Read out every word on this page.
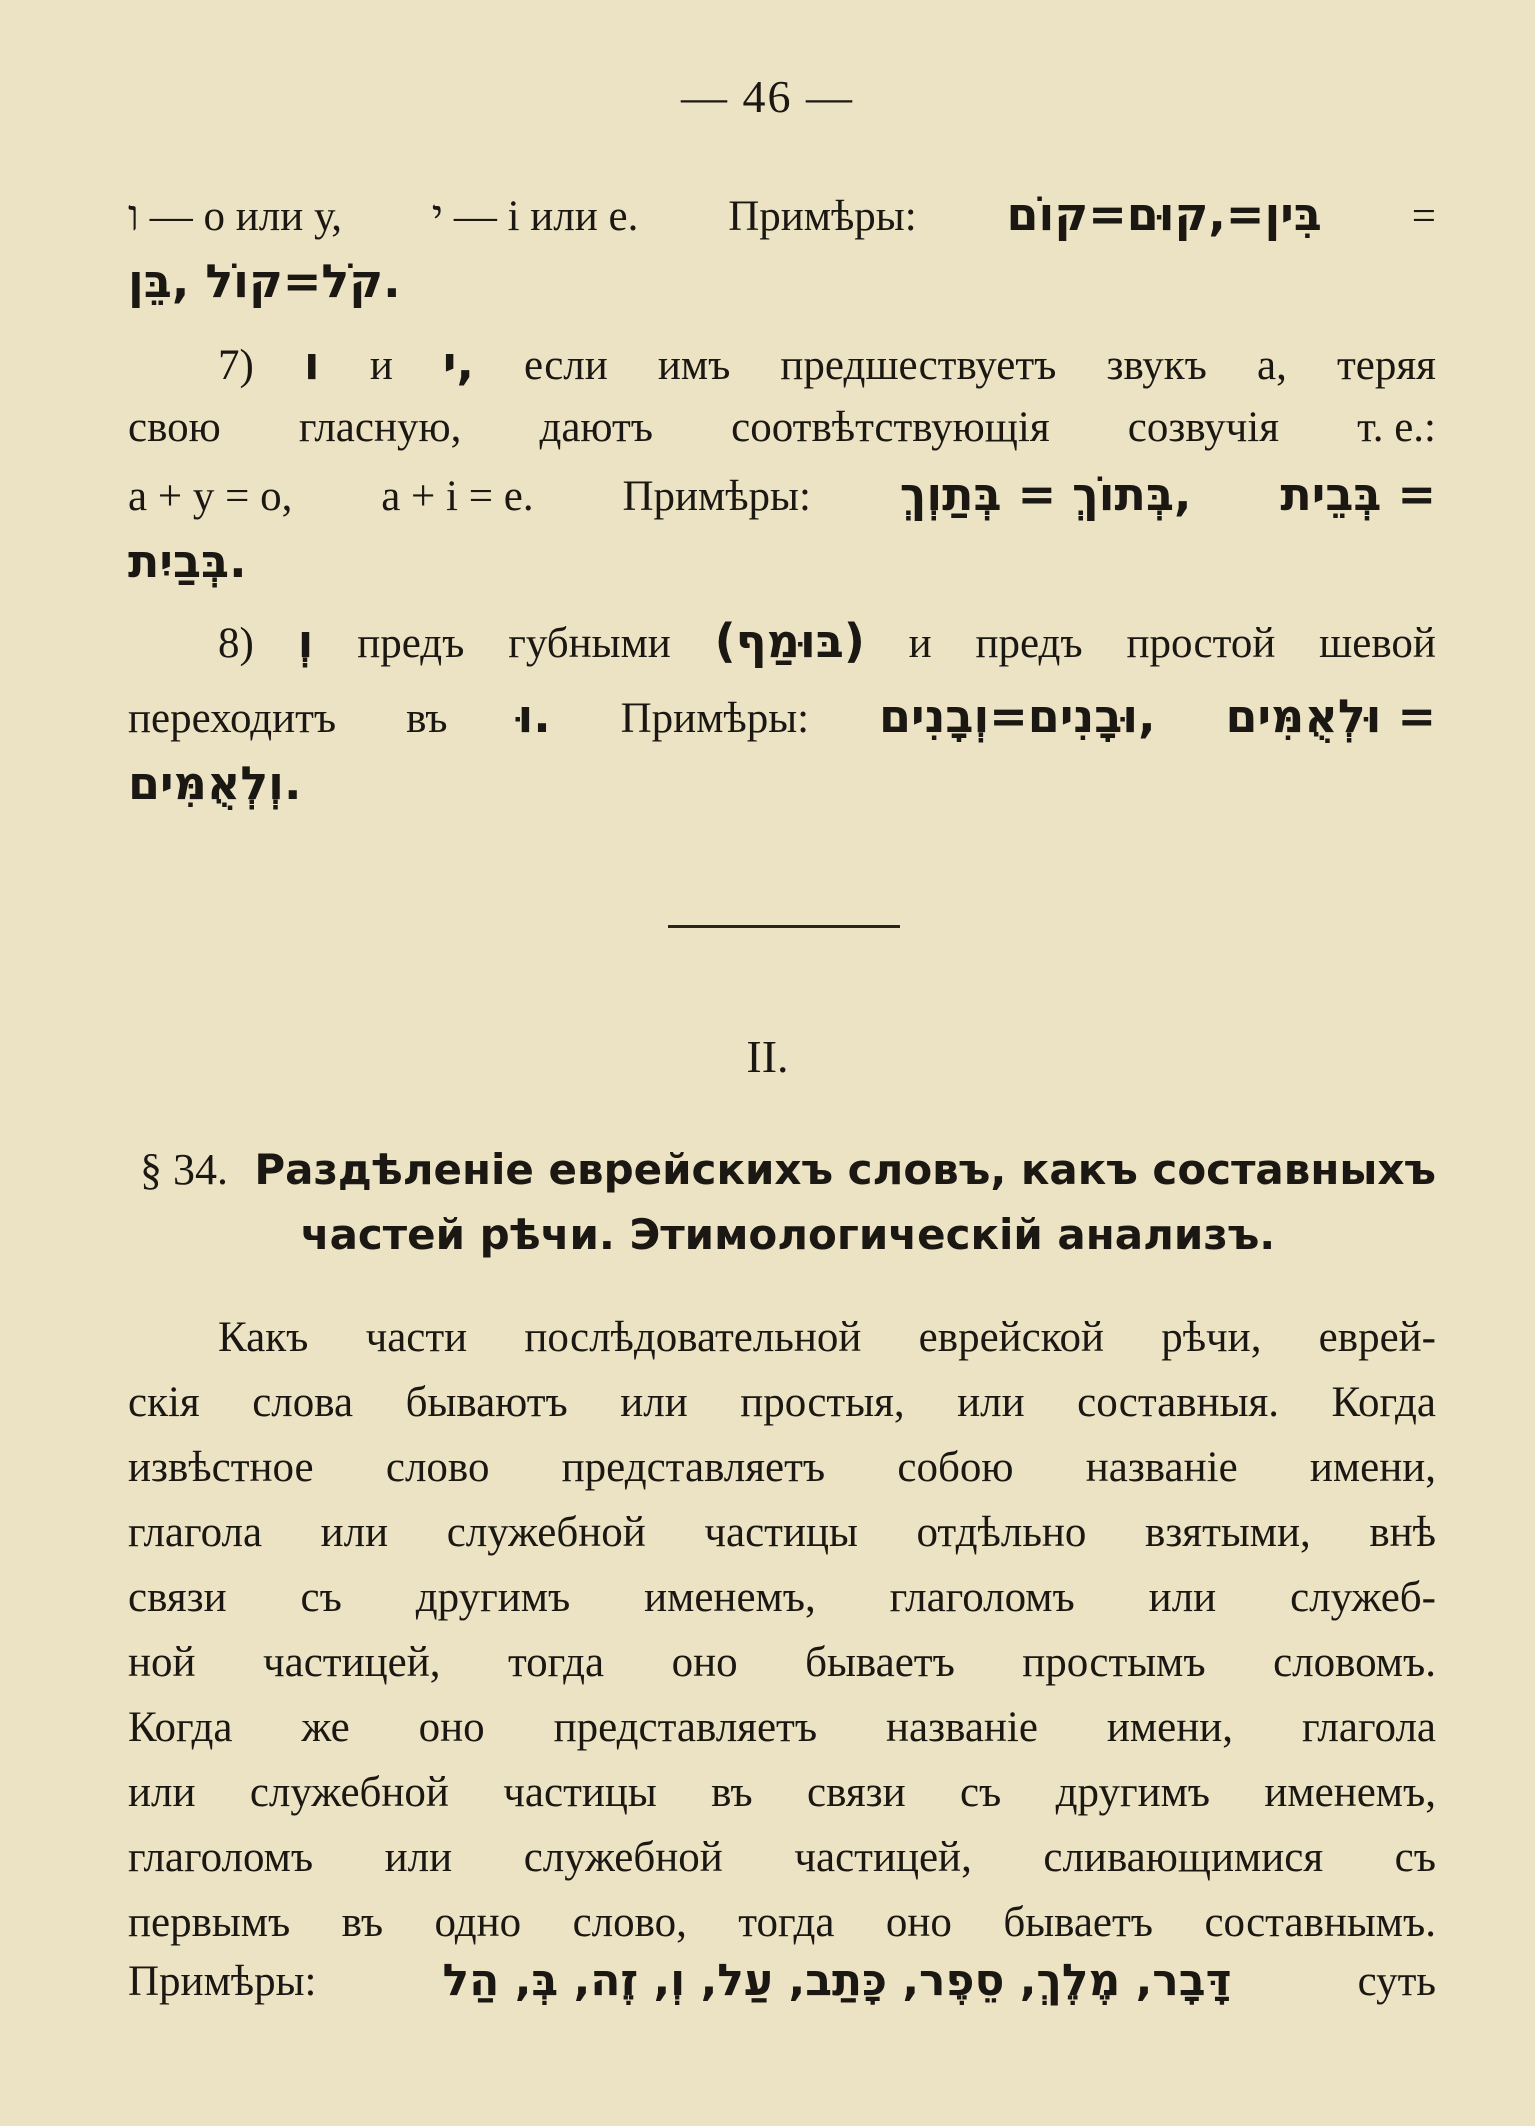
— 46 —
ו — о или у, י — і или е. Примѣры: בִּין=,קוּם=קוֹם =
קֹל=קוֹל ,בֵּן.
7) ו и י, если имъ предшествуетъ звукъ а, теряя
свою гласную, даютъ соотвѣтствующія созвучія т. е.:
а + у = о, а + і = е. Примѣры: בְּתוֹךְ = בְּתַוְךְ, בְּבֵית =
בְּבַיִת.
8) וְ предъ губными (בּוּמַף) и предъ простой шевой
переходитъ въ וּ. Примѣры: וּבָנִים=וְבָנִים, וּלְאֻמִּים =
וְלְאֻמִּים.
II.
§ 34. Раздѣленіе еврейскихъ словъ, какъ составныхъ
частей рѣчи. Этимологическій анализъ.
Какъ части послѣдовательной еврейской рѣчи, еврей-
скія слова бываютъ или простыя, или составныя. Когда
извѣстное слово представляетъ собою названіе имени,
глагола или служебной частицы отдѣльно взятыми, внѣ
связи съ другимъ именемъ, глаголомъ или служеб-
ной частицей, тогда оно бываетъ простымъ словомъ.
Когда же оно представляетъ названіе имени, глагола
или служебной частицы въ связи съ другимъ именемъ,
глаголомъ или служебной частицей, сливающимися съ
первымъ въ одно слово, тогда оно бываетъ составнымъ.
Примѣры:	דָּבָר, מֶלֶךְ, סֵפֶר, כָּתַב, עַל, וְ, זֶה, בְּ, הַל	суть
